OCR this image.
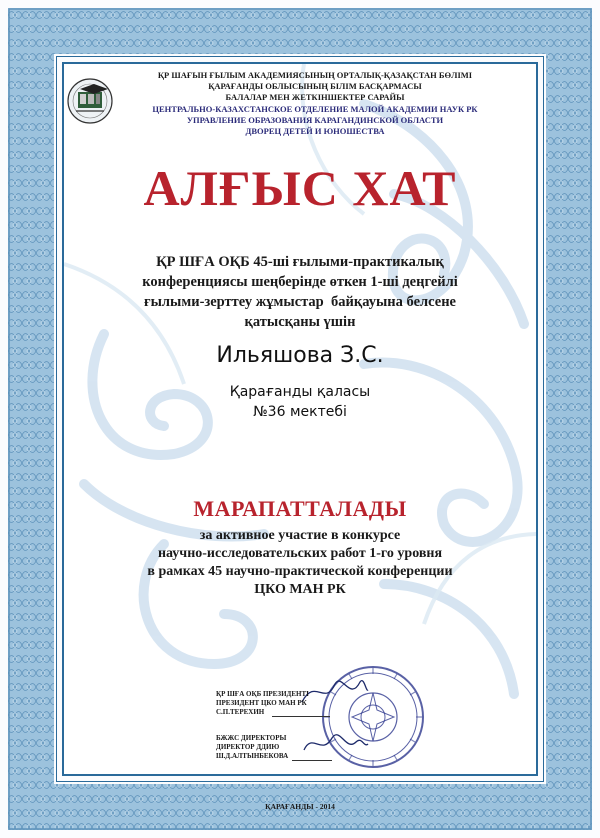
ҚР ШАҒЫН ҒЫЛЫМ АКАДЕМИЯСЫНЫҢ ОРТАЛЫҚ-ҚАЗАҚСТАН БӨЛІМІ
ҚАРАҒАНДЫ ОБЛЫСЫНЫҢ БІЛІМ БАСҚАРМАСЫ
БАЛАЛАР МЕН ЖЕТКІНШЕКТЕР САРАЙЫ
ЦЕНТРАЛЬНО-КАЗАХСТАНСКОЕ ОТДЕЛЕНИЕ МАЛОЙ АКАДЕМИИ НАУК РК
УПРАВЛЕНИЕ ОБРАЗОВАНИЯ КАРАГАНДИНСКОЙ ОБЛАСТИ
ДВОРЕЦ ДЕТЕЙ И ЮНОШЕСТВА
АЛҒЫС ХАТ
ҚР ШҒА ОҚБ 45-ші ғылыми-практикалық
конференциясы шеңберінде өткен 1-ші деңгейлі
ғылыми-зерттеу жұмыстар  байқауына белсене
қатысқаны үшін
Ильяшова З.С.
Қарағанды қаласы
№36 мектебі
МАРАПАТТАЛАДЫ
за активное участие в конкурсе
научно-исследовательских работ 1-го уровня
в рамках 45 научно-практической конференции
ЦКО МАН РК
ҚР ШҒА ОҚБ ПРЕЗИДЕНТІ
ПРЕЗИДЕНТ ЦКО МАН РК
С.П.ТЕРЕХИН
БЖЖС ДИРЕКТОРЫ
ДИРЕКТОР ДДИЮ
Ш.Д.АЛТЫНБЕКОВА
ҚАРАҒАНДЫ - 2014
